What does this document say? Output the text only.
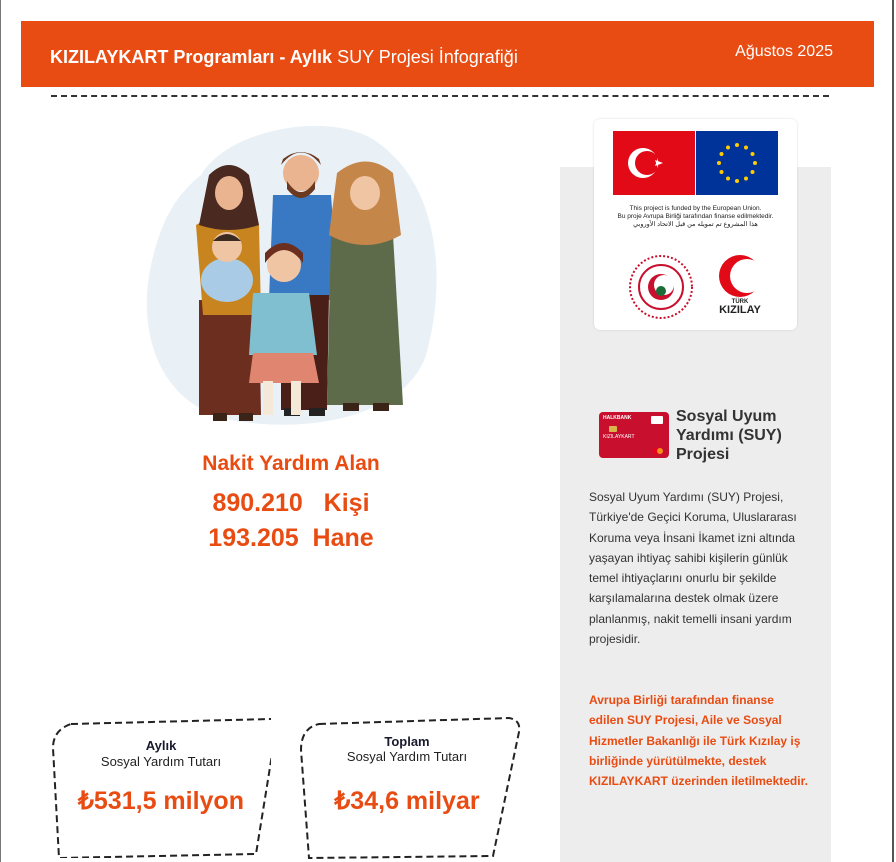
KIZILAYKART Programları - Aylık SUY Projesi İnfografiği	Ağustos 2025
Nakit Yardım Alan
890.210   Kişi
193.205  Hane
Aylık
Sosyal Yardım Tutarı
₺531,5 milyon
Toplam
Sosyal Yardım Tutarı
₺34,6 milyar
This project is funded by the European Union.
Bu proje Avrupa Birliği tarafından finanse edilmektedir.
هذا المشروع تم تمويله من قبل الاتحاد الأوروبي
TÜRK
KIZILAY
HALKBANK
KIZILAYKART
Sosyal Uyum Yardımı (SUY) Projesi
Sosyal Uyum Yardımı (SUY) Projesi, Türkiye'de Geçici Koruma, Uluslararası Koruma veya İnsani İkamet izni altında yaşayan ihtiyaç sahibi kişilerin günlük temel ihtiyaçlarını onurlu bir şekilde karşılamalarına destek olmak üzere planlanmış, nakit temelli insani yardım projesidir.
Avrupa Birliği tarafından finanse edilen SUY Projesi, Aile ve Sosyal Hizmetler Bakanlığı ile Türk Kızılay iş birliğinde yürütülmekte, destek KIZILAYKART üzerinden iletilmektedir.
